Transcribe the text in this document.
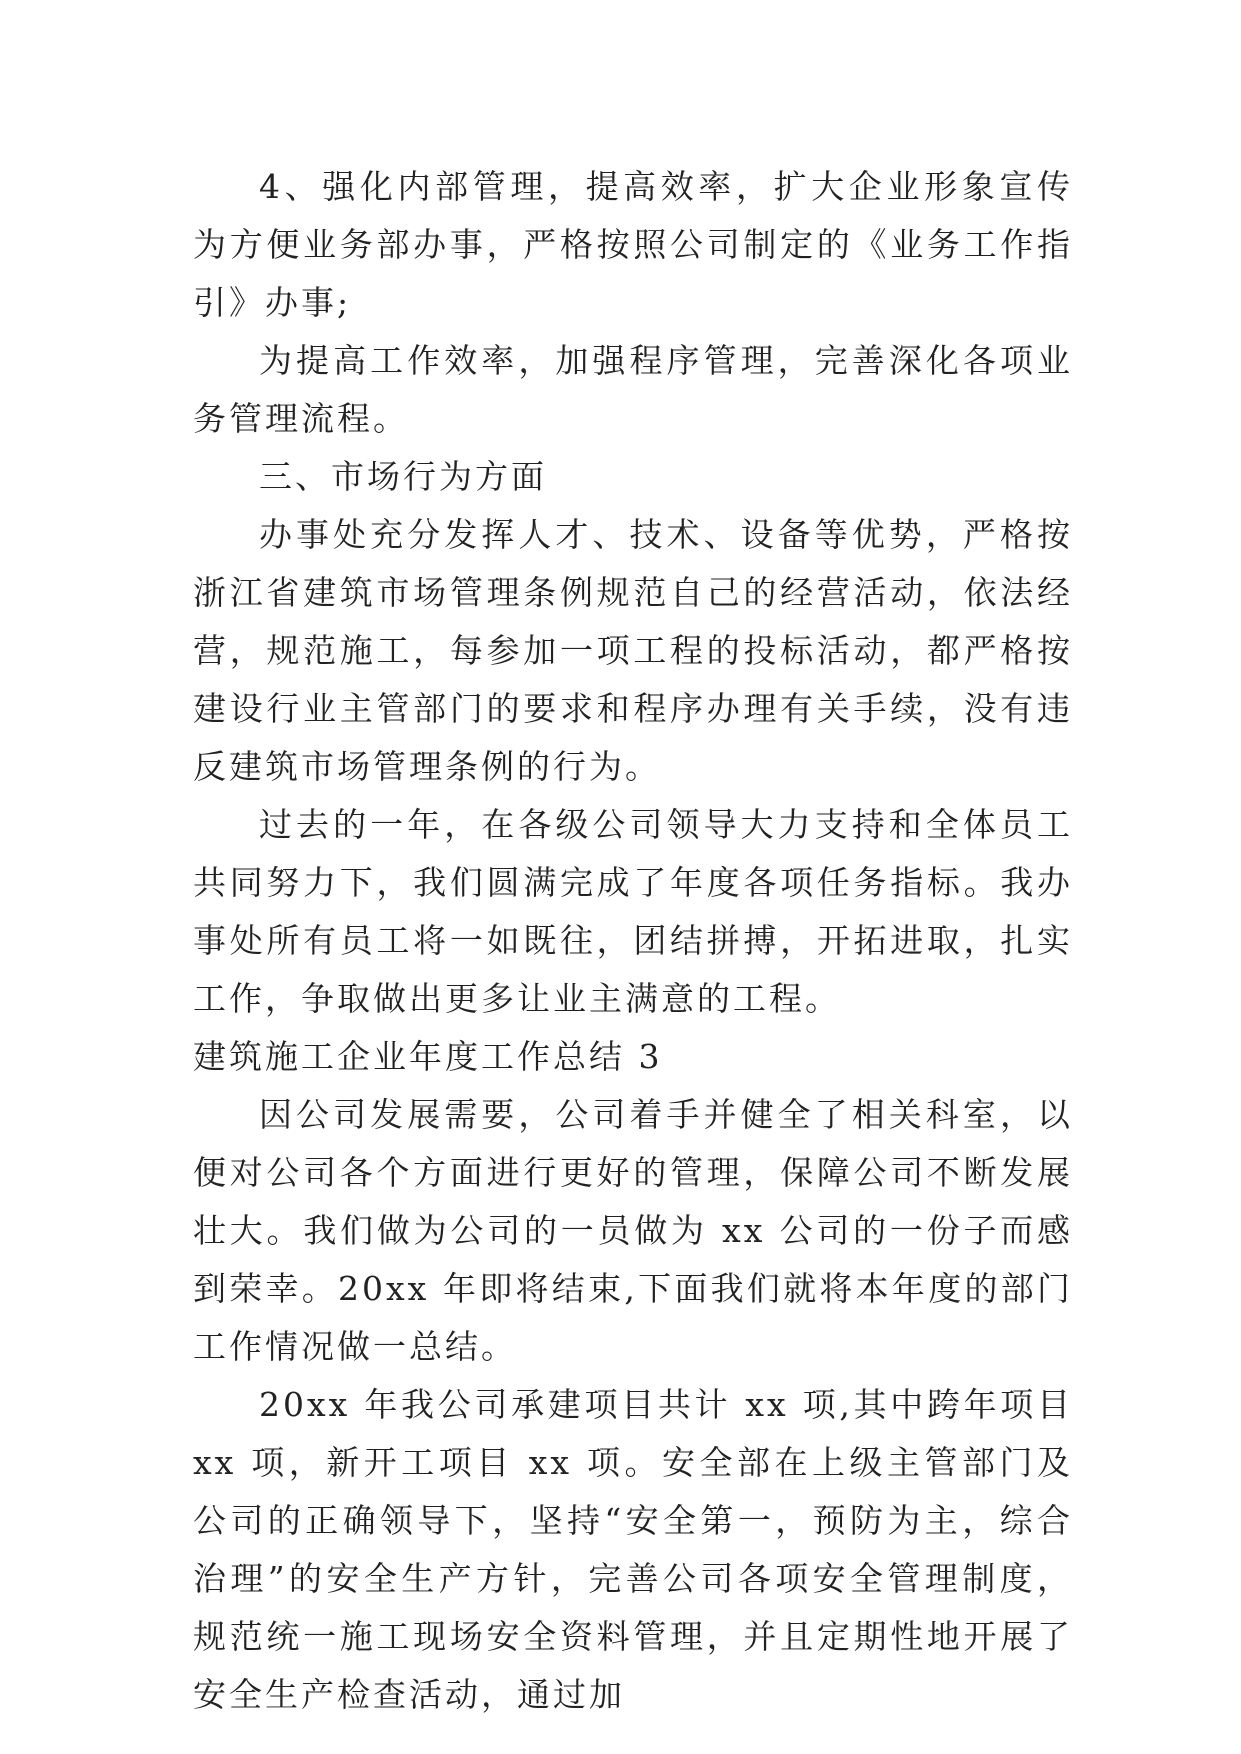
4、强化内部管理，提高效率，扩大企业形象宣传为方便业务部办事，严格按照公司制定的《业务工作指引》办事;

为提高工作效率，加强程序管理，完善深化各项业务管理流程。

三、市场行为方面

办事处充分发挥人才、技术、设备等优势，严格按浙江省建筑市场管理条例规范自己的经营活动，依法经营，规范施工，每参加一项工程的投标活动，都严格按建设行业主管部门的要求和程序办理有关手续，没有违反建筑市场管理条例的行为。

过去的一年，在各级公司领导大力支持和全体员工共同努力下，我们圆满完成了年度各项任务指标。我办事处所有员工将一如既往，团结拼搏，开拓进取，扎实工作，争取做出更多让业主满意的工程。

建筑施工企业年度工作总结 3

因公司发展需要，公司着手并健全了相关科室，以便对公司各个方面进行更好的管理，保障公司不断发展壮大。我们做为公司的一员做为 xx 公司的一份子而感到荣幸。20xx 年即将结束,下面我们就将本年度的部门工作情况做一总结。

20xx 年我公司承建项目共计 xx 项,其中跨年项目 xx 项，新开工项目 xx 项。安全部在上级主管部门及公司的正确领导下，坚持“安全第一，预防为主，综合治理”的安全生产方针，完善公司各项安全管理制度，规范统一施工现场安全资料管理，并且定期性地开展了安全生产检查活动，通过加
